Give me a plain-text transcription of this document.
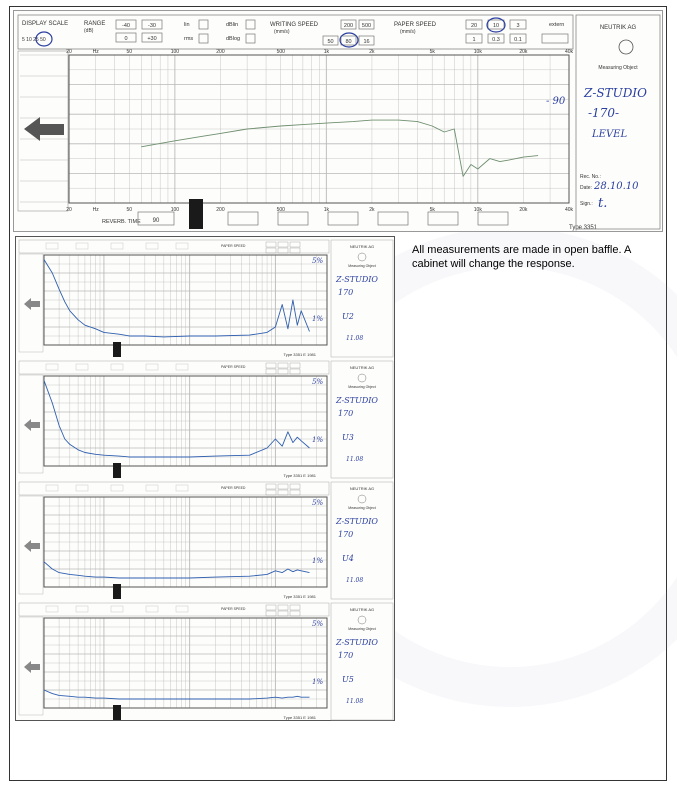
DISPLAY SCALE
5 10 25 50
RANGE
(dB)
-40	-30
0	+30
lin
rms
dBlin
dBlog
WRITING SPEED
(mm/s)
200 500
50 80 16
PAPER SPEED
(mm/s)
20	10	3
1	0.3	0.1
extern
20
20
Hz
Hz
50
50
100
100
200
200
500
500
1k
1k
2k
2k
5k
5k
10k
10k
20k
20k
40k
40k
REVERB. TIME 90
Type 3351
- 90
NEUTRIK AG
Measuring Object
Z-STUDIO
-170-
LEVEL
Rec. No.:
Date: 28.10.10
Sign.: t.
PAPER SPEED
Type 3351 E 1981
NEUTRIK AG
Measuring Object
Z-STUDIO
170
U2
5%
1%
11.08
PAPER SPEED
Type 3351 E 1981
NEUTRIK AG
Measuring Object
Z-STUDIO
170
U3
5%
1%
11.08
PAPER SPEED
Type 3351 E 1981
NEUTRIK AG
Measuring Object
Z-STUDIO
170
U4
5%
1%
11.08
PAPER SPEED
Type 3351 E 1981
NEUTRIK AG
Measuring Object
Z-STUDIO
170
U5
5%
1%
11.08
All measurements are made in open baffle. A cabinet will change the response.
